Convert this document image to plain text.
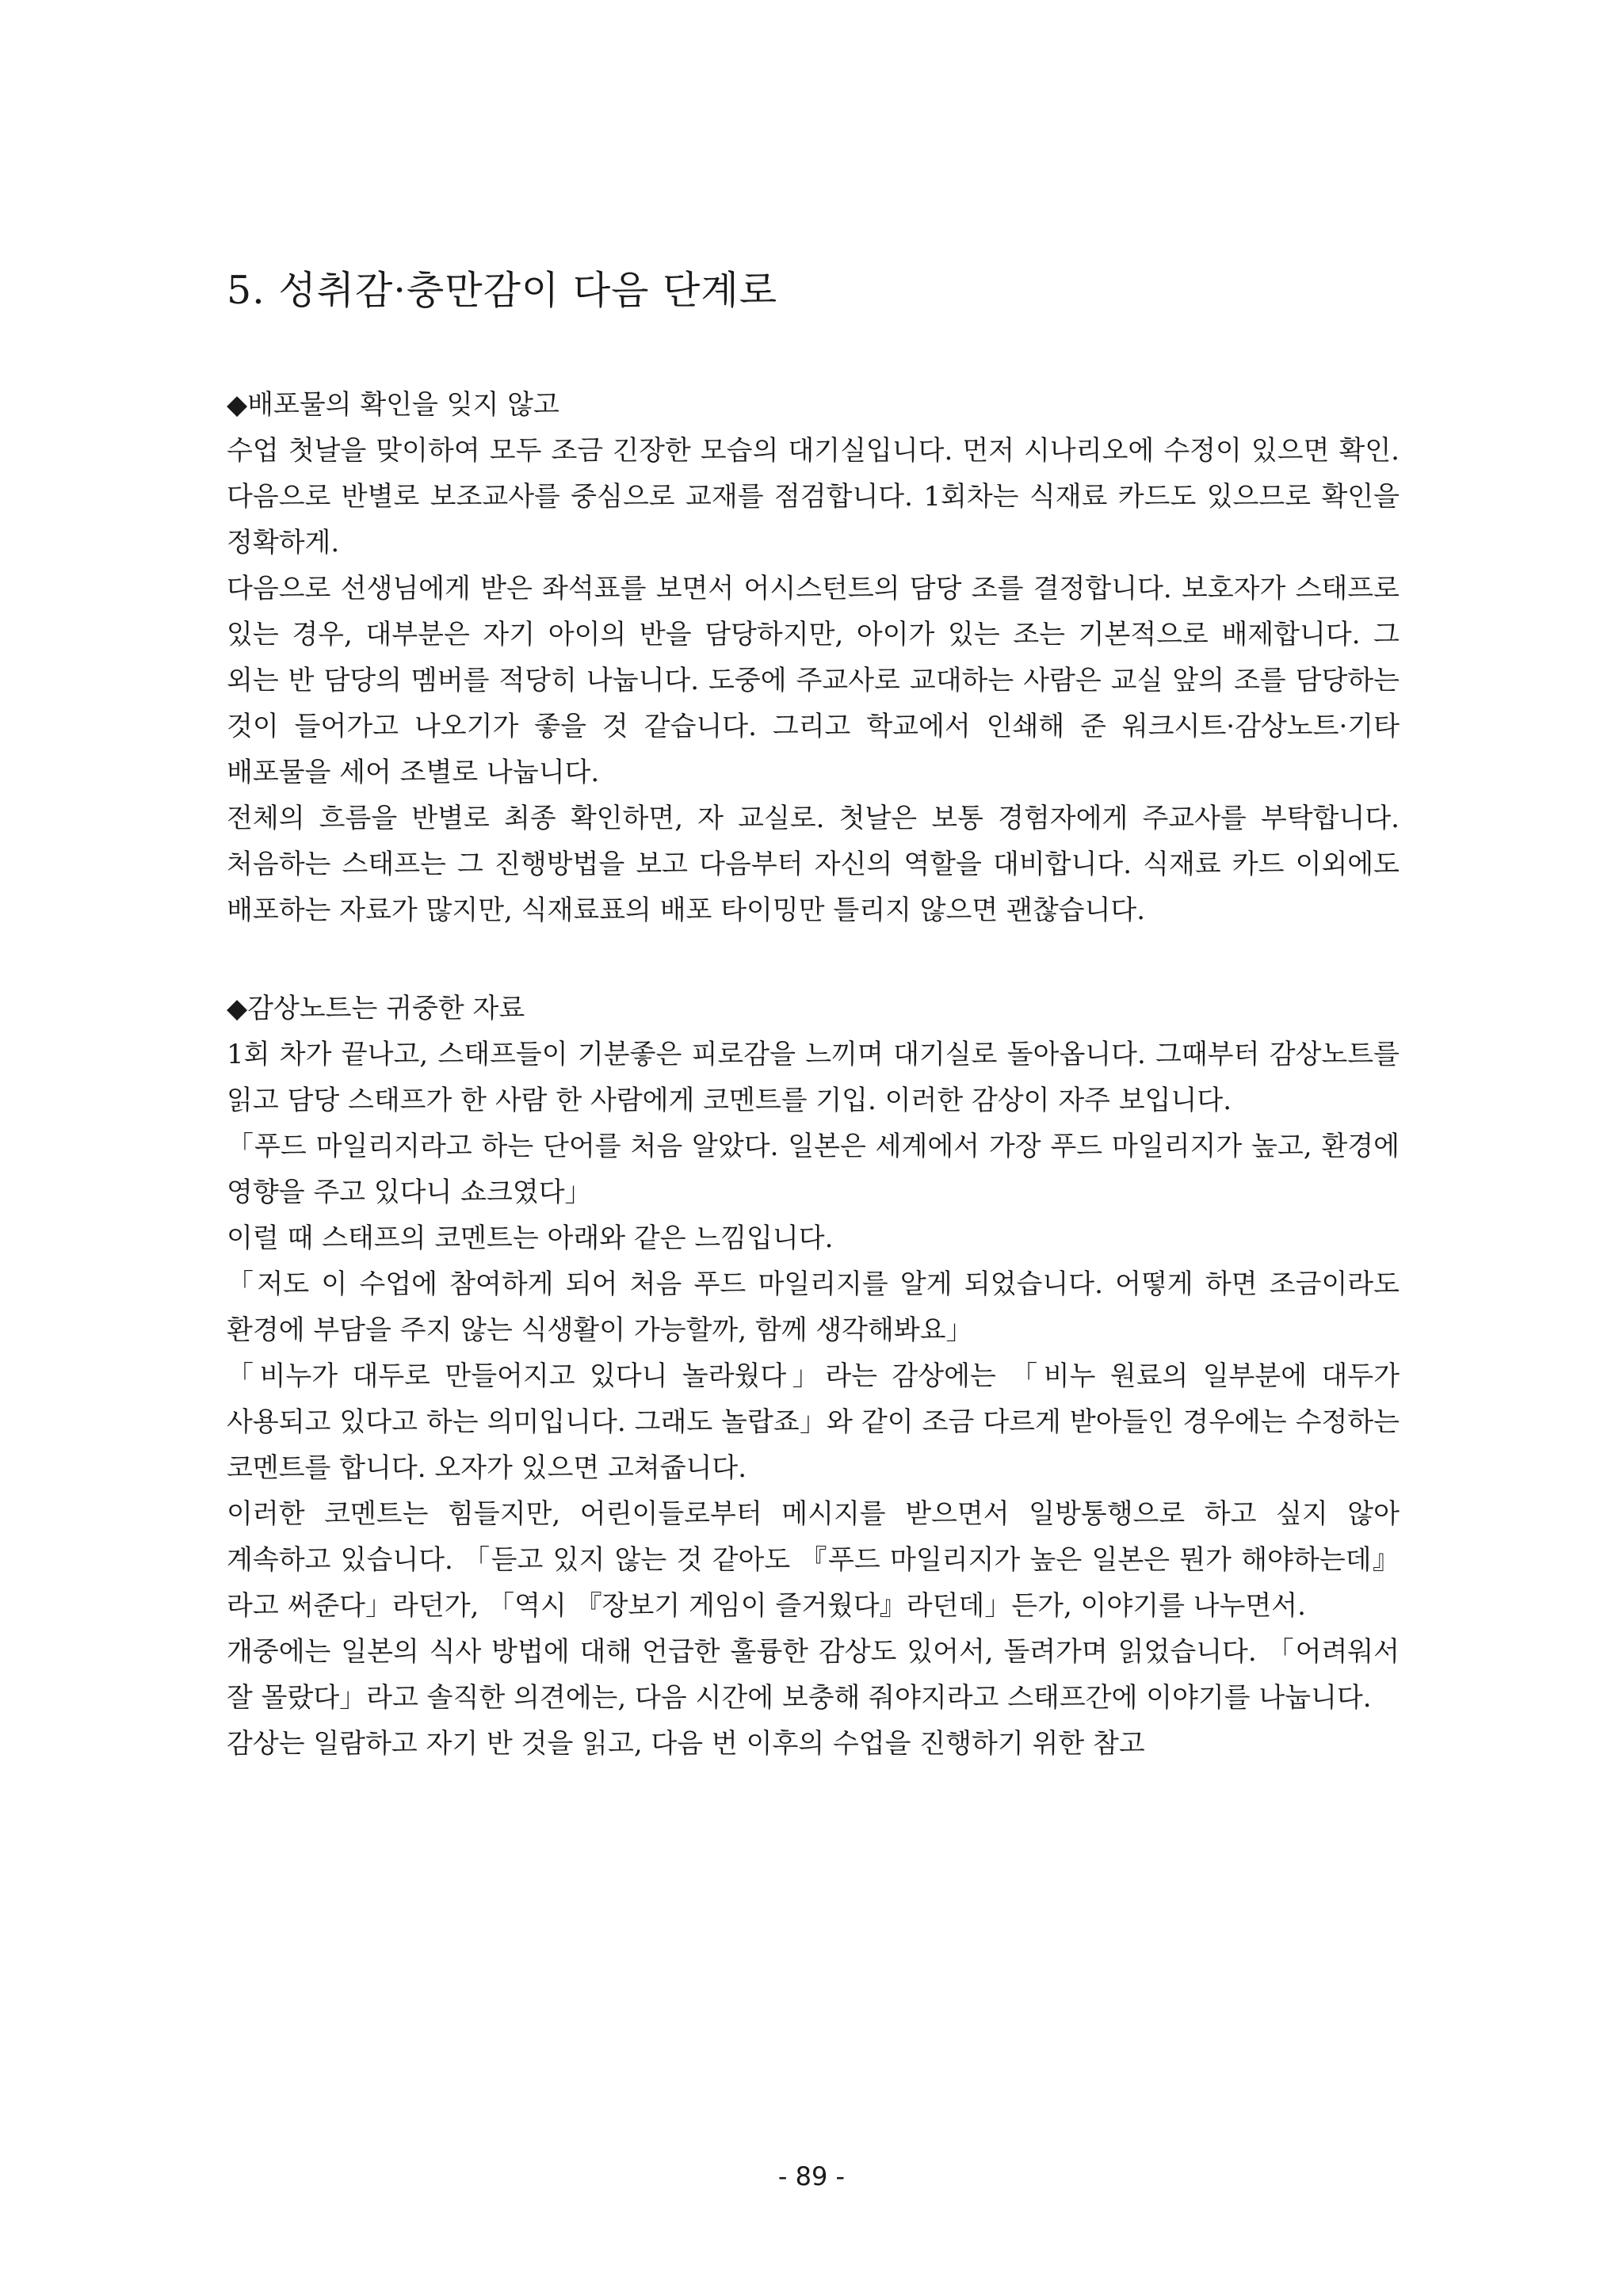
5. 성취감·충만감이 다음 단계로

◆배포물의 확인을 잊지 않고

수업 첫날을 맞이하여 모두 조금 긴장한 모습의 대기실입니다. 먼저 시나리오에 수정이 있으면 확인. 다음으로 반별로 보조교사를 중심으로 교재를 점검합니다. 1회차는 식재료 카드도 있으므로 확인을 정확하게.

다음으로 선생님에게 받은 좌석표를 보면서 어시스턴트의 담당 조를 결정합니다. 보호자가 스태프로 있는 경우, 대부분은 자기 아이의 반을 담당하지만, 아이가 있는 조는 기본적으로 배제합니다. 그 외는 반 담당의 멤버를 적당히 나눕니다. 도중에 주교사로 교대하는 사람은 교실 앞의 조를 담당하는 것이 들어가고 나오기가 좋을 것 같습니다. 그리고 학교에서 인쇄해 준 워크시트·감상노트·기타 배포물을 세어 조별로 나눕니다.

전체의 흐름을 반별로 최종 확인하면, 자 교실로. 첫날은 보통 경험자에게 주교사를 부탁합니다. 처음하는 스태프는 그 진행방법을 보고 다음부터 자신의 역할을 대비합니다. 식재료 카드 이외에도 배포하는 자료가 많지만, 식재료표의 배포 타이밍만 틀리지 않으면 괜찮습니다.

◆감상노트는 귀중한 자료

1회 차가 끝나고, 스태프들이 기분좋은 피로감을 느끼며 대기실로 돌아옵니다. 그때부터 감상노트를 읽고 담당 스태프가 한 사람 한 사람에게 코멘트를 기입. 이러한 감상이 자주 보입니다.

「푸드 마일리지라고 하는 단어를 처음 알았다. 일본은 세계에서 가장 푸드 마일리지가 높고, 환경에 영향을 주고 있다니 쇼크였다」

이럴 때 스태프의 코멘트는 아래와 같은 느낌입니다.

「저도 이 수업에 참여하게 되어 처음 푸드 마일리지를 알게 되었습니다. 어떻게 하면 조금이라도 환경에 부담을 주지 않는 식생활이 가능할까, 함께 생각해봐요」

「비누가 대두로 만들어지고 있다니 놀라웠다」라는 감상에는 「비누 원료의 일부분에 대두가 사용되고 있다고 하는 의미입니다. 그래도 놀랍죠」와 같이 조금 다르게 받아들인 경우에는 수정하는 코멘트를 합니다. 오자가 있으면 고쳐줍니다.

이러한 코멘트는 힘들지만, 어린이들로부터 메시지를 받으면서 일방통행으로 하고 싶지 않아 계속하고 있습니다. 「듣고 있지 않는 것 같아도 『푸드 마일리지가 높은 일본은 뭔가 해야하는데』라고 써준다」라던가, 「역시 『장보기 게임이 즐거웠다』라던데」든가, 이야기를 나누면서.

개중에는 일본의 식사 방법에 대해 언급한 훌륭한 감상도 있어서, 돌려가며 읽었습니다. 「어려워서 잘 몰랐다」라고 솔직한 의견에는, 다음 시간에 보충해 줘야지라고 스태프간에 이야기를 나눕니다.

감상는 일람하고 자기 반 것을 읽고, 다음 번 이후의 수업을 진행하기 위한 참고

- 89 -
